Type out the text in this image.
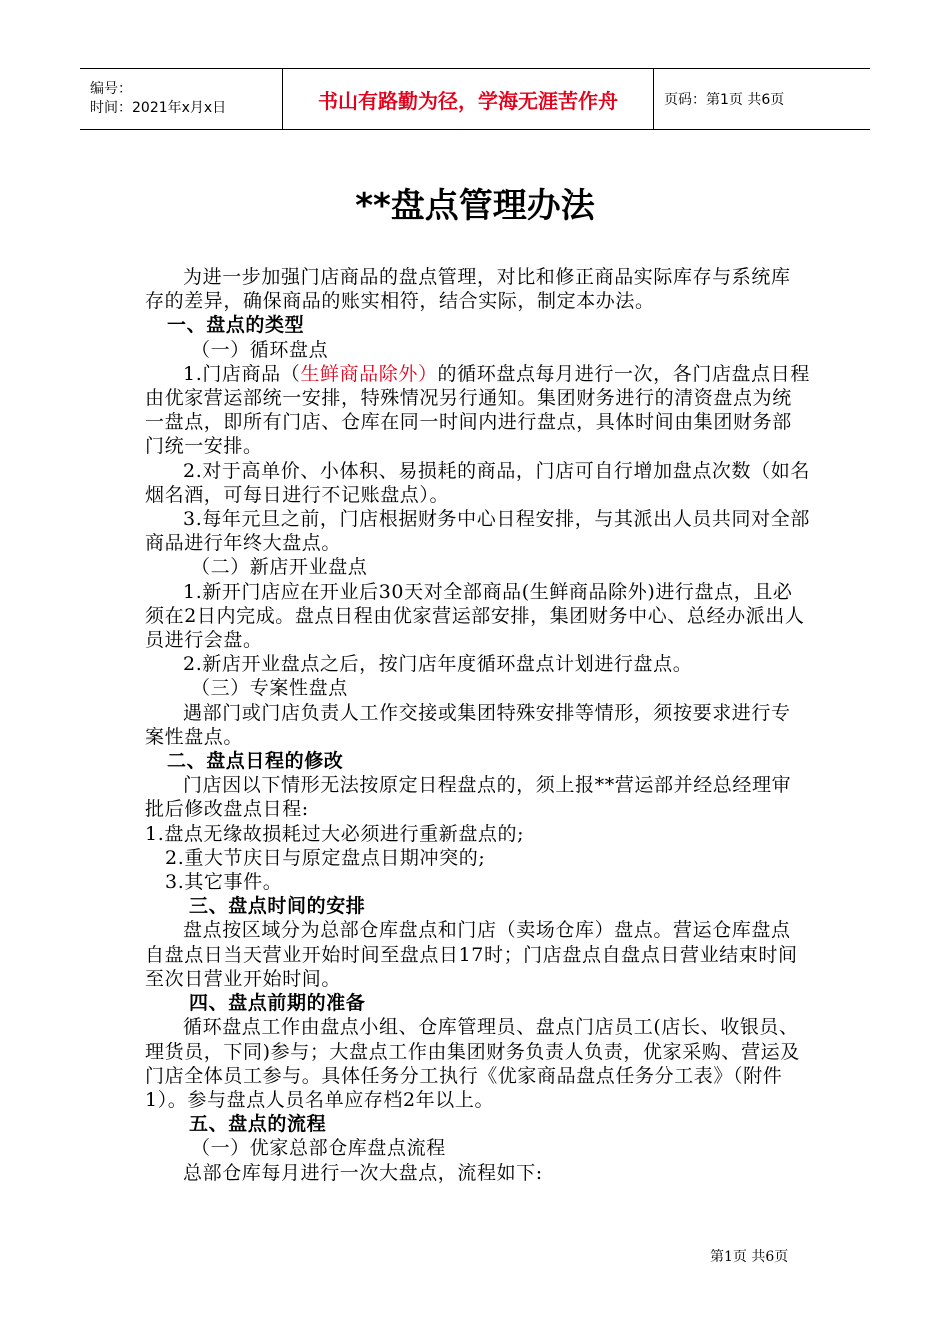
编号：
时间：2021年x月x日	书山有路勤为径，学海无涯苦作舟	页码：第1页 共6页
**盘点管理办法

为进一步加强门店商品的盘点管理，对比和修正商品实际库存与系统库存的差异，确保商品的账实相符，结合实际，制定本办法。

一、盘点的类型

（一）循环盘点

1.门店商品（生鲜商品除外）的循环盘点每月进行一次，各门店盘点日程由优家营运部统一安排，特殊情况另行通知。集团财务进行的清资盘点为统一盘点，即所有门店、仓库在同一时间内进行盘点，具体时间由集团财务部门统一安排。

2.对于高单价、小体积、易损耗的商品，门店可自行增加盘点次数（如名烟名酒，可每日进行不记账盘点）。

3.每年元旦之前，门店根据财务中心日程安排，与其派出人员共同对全部商品进行年终大盘点。

（二）新店开业盘点

1.新开门店应在开业后30天对全部商品(生鲜商品除外)进行盘点，且必须在2日内完成。盘点日程由优家营运部安排，集团财务中心、总经办派出人员进行会盘。

2.新店开业盘点之后，按门店年度循环盘点计划进行盘点。

（三）专案性盘点

遇部门或门店负责人工作交接或集团特殊安排等情形，须按要求进行专案性盘点。

二、盘点日程的修改

门店因以下情形无法按原定日程盘点的，须上报**营运部并经总经理审批后修改盘点日程:

1.盘点无缘故损耗过大必须进行重新盘点的;

2.重大节庆日与原定盘点日期冲突的;

3.其它事件。

三、盘点时间的安排

盘点按区域分为总部仓库盘点和门店（卖场仓库）盘点。营运仓库盘点自盘点日当天营业开始时间至盘点日17时；门店盘点自盘点日营业结束时间至次日营业开始时间。

四、盘点前期的准备

循环盘点工作由盘点小组、仓库管理员、盘点门店员工(店长、收银员、理货员，下同)参与；大盘点工作由集团财务负责人负责，优家采购、营运及门店全体员工参与。具体任务分工执行《优家商品盘点任务分工表》（附件1）。参与盘点人员名单应存档2年以上。

五、盘点的流程

（一）优家总部仓库盘点流程

总部仓库每月进行一次大盘点，流程如下:

第1页 共6页
